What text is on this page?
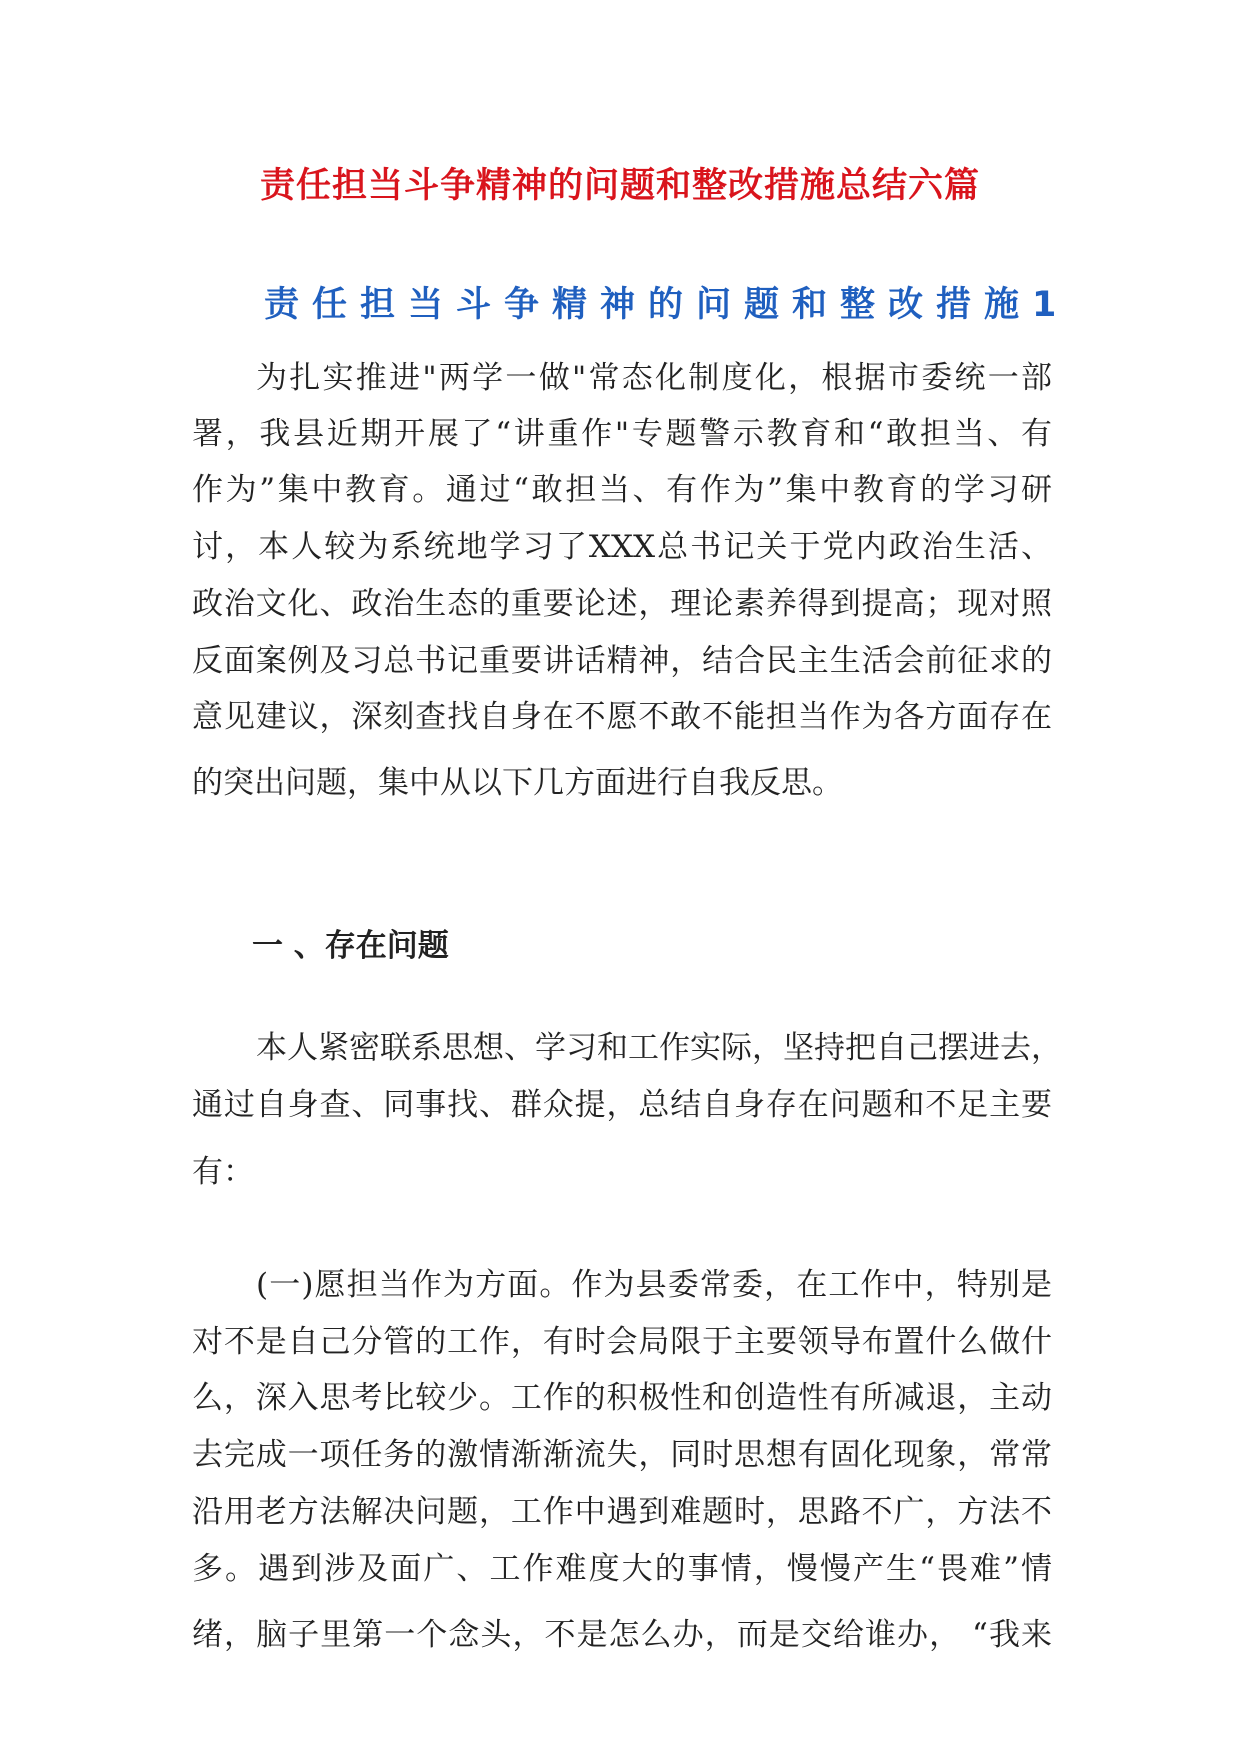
责任担当斗争精神的问题和整改措施总结六篇
责任担当斗争精神的问题和整改措施1
为扎实推进"两学一做"常态化制度化，根据市委统一部
署，我县近期开展了“讲重作"专题警示教育和“敢担当、有
作为”集中教育。通过“敢担当、有作为”集中教育的学习研
讨，本人较为系统地学习了XXX总书记关于党内政治生活、
政治文化、政治生态的重要论述，理论素养得到提高；现对照
反面案例及习总书记重要讲话精神，结合民主生活会前征求的
意见建议，深刻查找自身在不愿不敢不能担当作为各方面存在
的突出问题，集中从以下几方面进行自我反思。
一 、存在问题
本人紧密联系思想、学习和工作实际，坚持把自己摆进去，
通过自身查、同事找、群众提，总结自身存在问题和不足主要
有：
(一)愿担当作为方面。作为县委常委，在工作中，特别是
对不是自己分管的工作，有时会局限于主要领导布置什么做什
么，深入思考比较少。工作的积极性和创造性有所减退，主动
去完成一项任务的激情渐渐流失，同时思想有固化现象，常常
沿用老方法解决问题，工作中遇到难题时，思路不广，方法不
多。遇到涉及面广、工作难度大的事情，慢慢产生“畏难”情
绪，脑子里第一个念头，不是怎么办，而是交给谁办， “我来
